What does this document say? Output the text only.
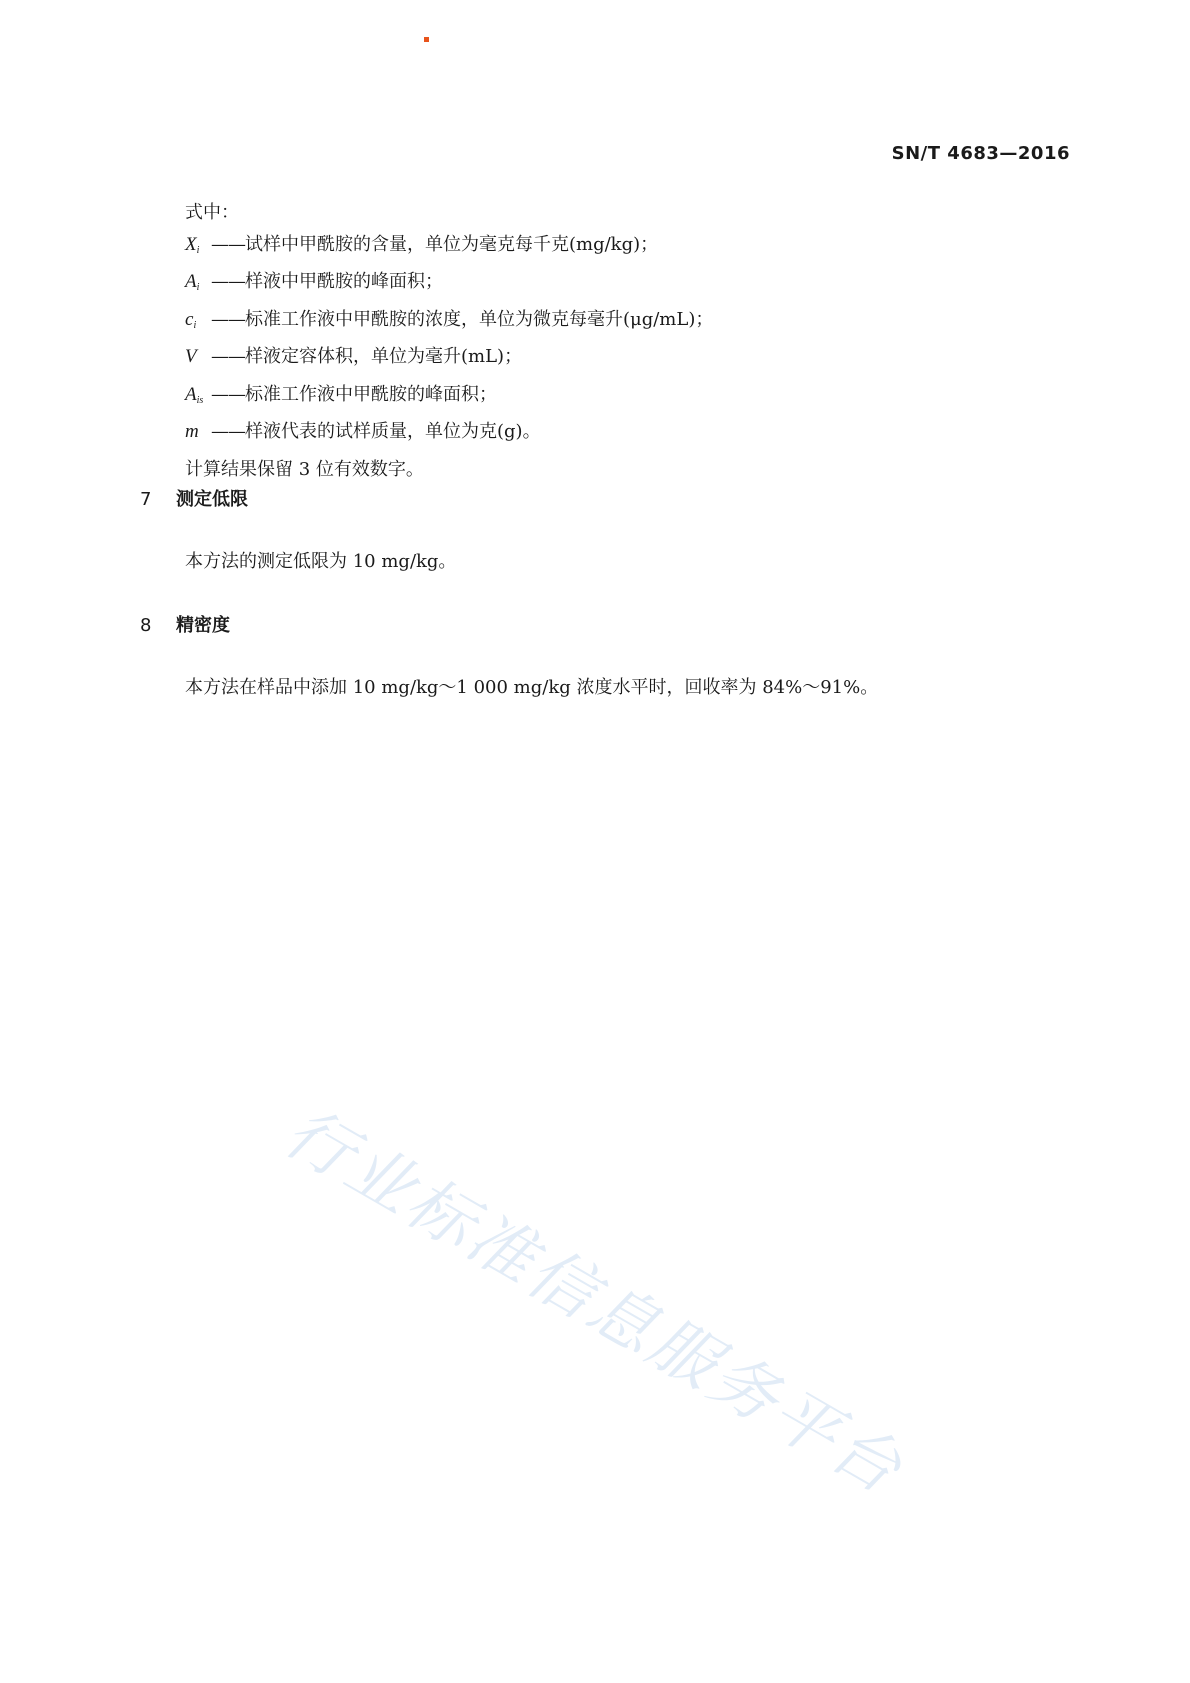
SN/T 4683—2016
式中：
$X_i$ —— 试样中甲酰胺的含量，单位为毫克每千克(mg/kg)；
$A_i$ —— 样液中甲酰胺的峰面积；
$c_i$ —— 标准工作液中甲酰胺的浓度，单位为微克每毫升(μg/mL)；
V —— 样液定容体积，单位为毫升(mL)；
$A_{is}$ —— 标准工作液中甲酰胺的峰面积；
m —— 样液代表的试样质量，单位为克(g)。
计算结果保留 3 位有效数字。
7 测定低限
本方法的测定低限为 10 mg/kg。
8 精密度
本方法在样品中添加 10 mg/kg～1 000 mg/kg 浓度水平时，回收率为 84%～91%。
行业标准信息服务平台
